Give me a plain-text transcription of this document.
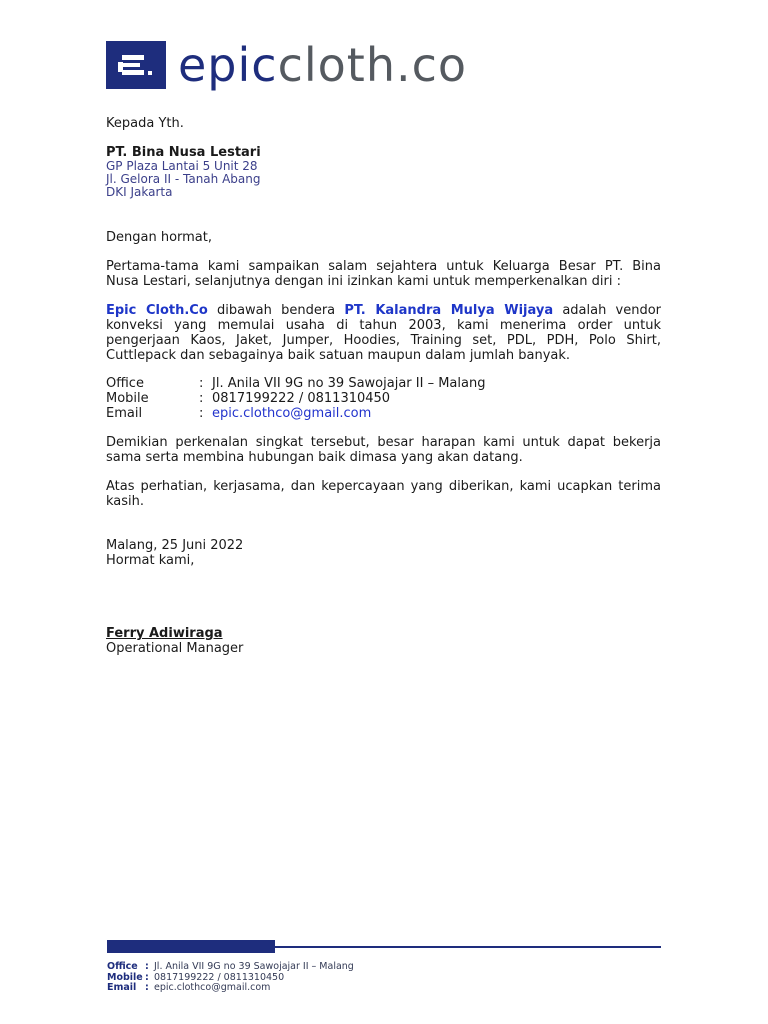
epiccloth.co
Kepada Yth.
PT. Bina Nusa Lestari
GP Plaza Lantai 5 Unit 28
Jl. Gelora II - Tanah Abang
DKI Jakarta
Dengan hormat,
Pertama-tama kami sampaikan salam sejahtera untuk Keluarga Besar PT. Bina
Nusa Lestari, selanjutnya dengan ini izinkan kami untuk memperkenalkan diri :
Epic Cloth.Co dibawah bendera PT. Kalandra Mulya Wijaya adalah vendor
konveksi yang memulai usaha di tahun 2003, kami menerima order untuk
pengerjaan Kaos, Jaket, Jumper, Hoodies, Training set, PDL, PDH, Polo Shirt,
Cuttlepack dan sebagainya baik satuan maupun dalam jumlah banyak.
Office	: Jl. Anila VII 9G no 39 Sawojajar II – Malang
Mobile	: 0817199222 / 0811310450
Email	: epic.clothco@gmail.com
Demikian perkenalan singkat tersebut, besar harapan kami untuk dapat bekerja
sama serta membina hubungan baik dimasa yang akan datang.
Atas perhatian, kerjasama, dan kepercayaan yang diberikan, kami ucapkan terima
kasih.
Malang, 25 Juni 2022
Hormat kami,
Ferry Adiwiraga
Operational Manager
Office : Jl. Anila VII 9G no 39 Sawojajar II – Malang
Mobile : 0817199222 / 0811310450
Email : epic.clothco@gmail.com
